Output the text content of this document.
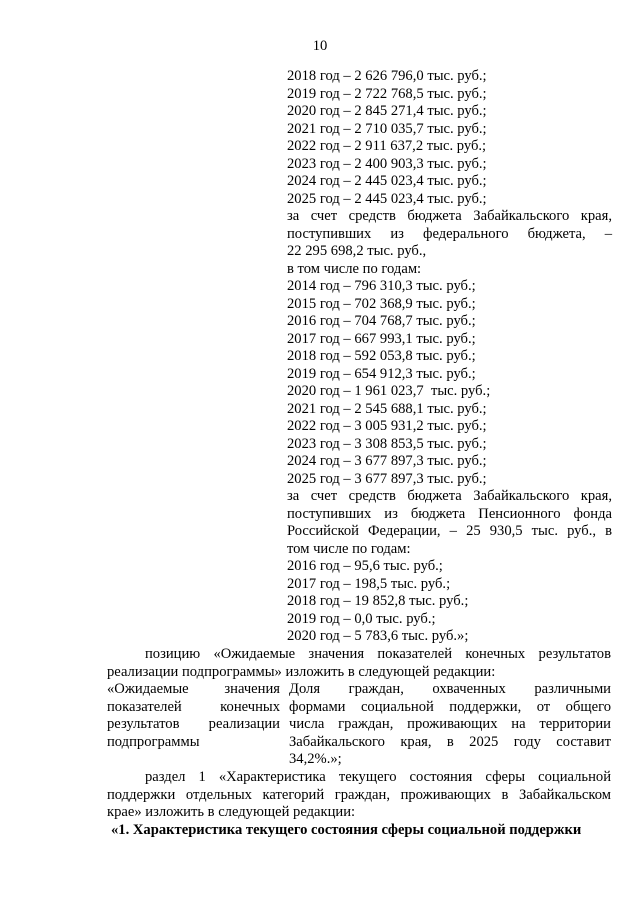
10
2018 год – 2 626 796,0 тыс. руб.;
2019 год – 2 722 768,5 тыс. руб.;
2020 год – 2 845 271,4 тыс. руб.;
2021 год – 2 710 035,7 тыс. руб.;
2022 год – 2 911 637,2 тыс. руб.;
2023 год – 2 400 903,3 тыс. руб.;
2024 год – 2 445 023,4 тыс. руб.;
2025 год – 2 445 023,4 тыс. руб.;
за счет средств бюджета Забайкальского края,
поступивших из федерального бюджета, –
22 295 698,2 тыс. руб.,
в том числе по годам:
2014 год – 796 310,3 тыс. руб.;
2015 год – 702 368,9 тыс. руб.;
2016 год – 704 768,7 тыс. руб.;
2017 год – 667 993,1 тыс. руб.;
2018 год – 592 053,8 тыс. руб.;
2019 год – 654 912,3 тыс. руб.;
2020 год – 1 961 023,7  тыс. руб.;
2021 год – 2 545 688,1 тыс. руб.;
2022 год – 3 005 931,2 тыс. руб.;
2023 год – 3 308 853,5 тыс. руб.;
2024 год – 3 677 897,3 тыс. руб.;
2025 год – 3 677 897,3 тыс. руб.;
за счет средств бюджета Забайкальского края,
поступивших из бюджета Пенсионного фонда
Российской Федерации, – 25 930,5 тыс. руб., в
том числе по годам:
2016 год – 95,6 тыс. руб.;
2017 год – 198,5 тыс. руб.;
2018 год – 19 852,8 тыс. руб.;
2019 год – 0,0 тыс. руб.;
2020 год – 5 783,6 тыс. руб.»;
позицию «Ожидаемые значения показателей конечных результатов
реализации подпрограммы» изложить в следующей редакции:
«Ожидаемые значения
показателей конечных
результатов реализации
подпрограммы
Доля граждан, охваченных различными
формами социальной поддержки, от общего
числа граждан, проживающих на территории
Забайкальского края, в 2025 году составит
34,2%.»;
раздел 1 «Характеристика текущего состояния сферы социальной
поддержки отдельных категорий граждан, проживающих в Забайкальском
крае» изложить в следующей редакции:
«1. Характеристика текущего состояния сферы социальной поддержки
